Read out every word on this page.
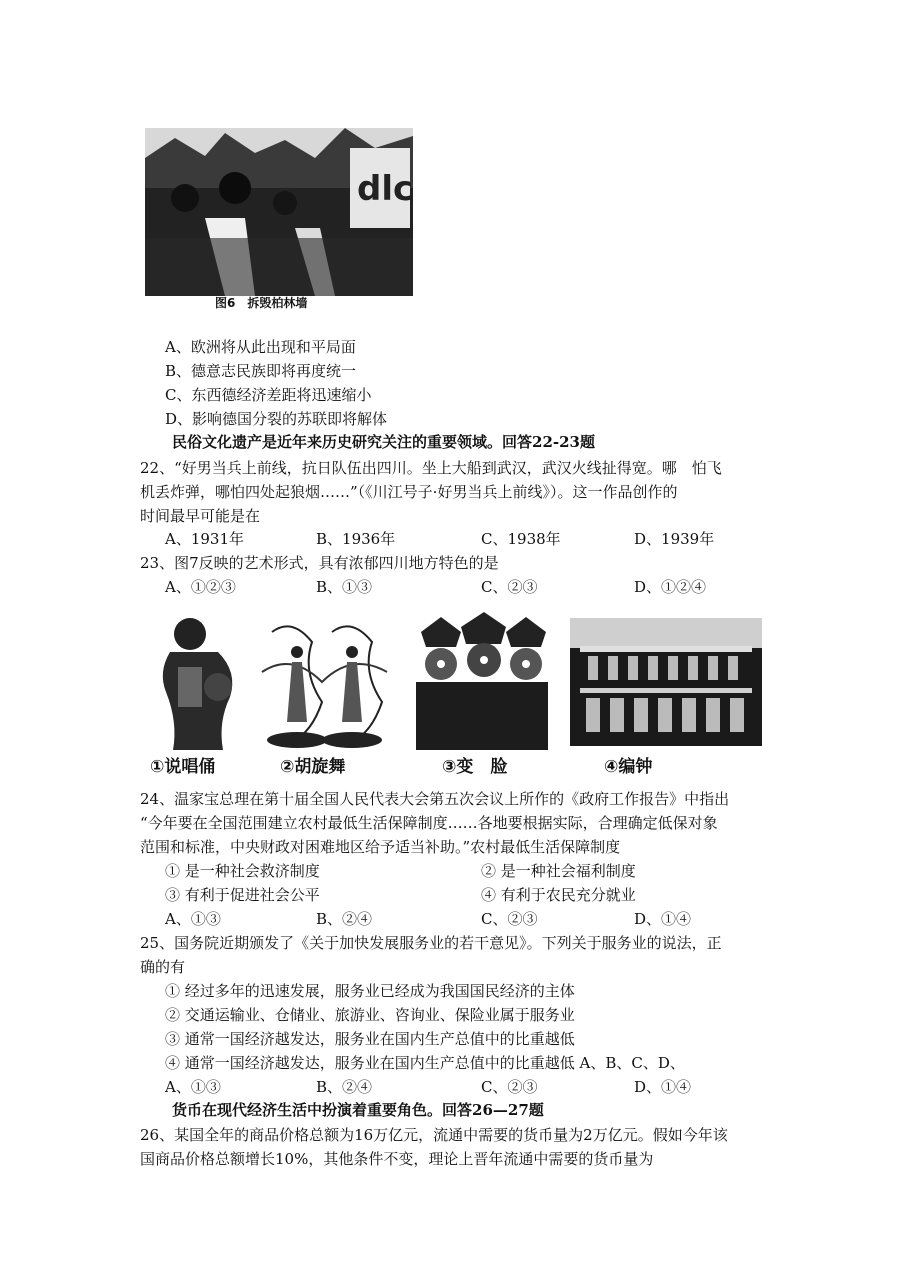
dlc
图6　拆毁柏林墙
A、欧洲将从此出现和平局面
B、德意志民族即将再度统一
C、东西德经济差距将迅速缩小
D、影响德国分裂的苏联即将解体
民俗文化遗产是近年来历史研究关注的重要领域。回答22-23题
22、“好男当兵上前线，抗日队伍出四川。坐上大船到武汉，武汉火线扯得宽。哪　怕飞
机丢炸弹，哪怕四处起狼烟……”（《川江号子·好男当兵上前线》）。这一作品创作的
时间最早可能是在
A、1931年	B、1936年	C、1938年	D、1939年
23、图7反映的艺术形式，具有浓郁四川地方特色的是
A、①②③	B、①③	C、②③	D、①②④
①说唱俑	②胡旋舞	③变　脸	④编钟
24、温家宝总理在第十届全国人民代表大会第五次会议上所作的《政府工作报告》中指出
“今年要在全国范围建立农村最低生活保障制度……各地要根据实际，合理确定低保对象
范围和标准，中央财政对困难地区给予适当补助。”农村最低生活保障制度
① 是一种社会救济制度	② 是一种社会福利制度
③ 有利于促进社会公平	④ 有利于农民充分就业
A、①③	B、②④	C、②③	D、①④
25、国务院近期颁发了《关于加快发展服务业的若干意见》。下列关于服务业的说法，正
确的有
① 经过多年的迅速发展，服务业已经成为我国国民经济的主体
② 交通运输业、仓储业、旅游业、咨询业、保险业属于服务业
③ 通常一国经济越发达，服务业在国内生产总值中的比重越低
④ 通常一国经济越发达，服务业在国内生产总值中的比重越低 A、B、C、D、
A、①③	B、②④	C、②③	D、①④
货币在现代经济生活中扮演着重要角色。回答26—27题
26、某国全年的商品价格总额为16万亿元，流通中需要的货币量为2万亿元。假如今年该
国商品价格总额增长10%，其他条件不变，理论上晋年流通中需要的货币量为
